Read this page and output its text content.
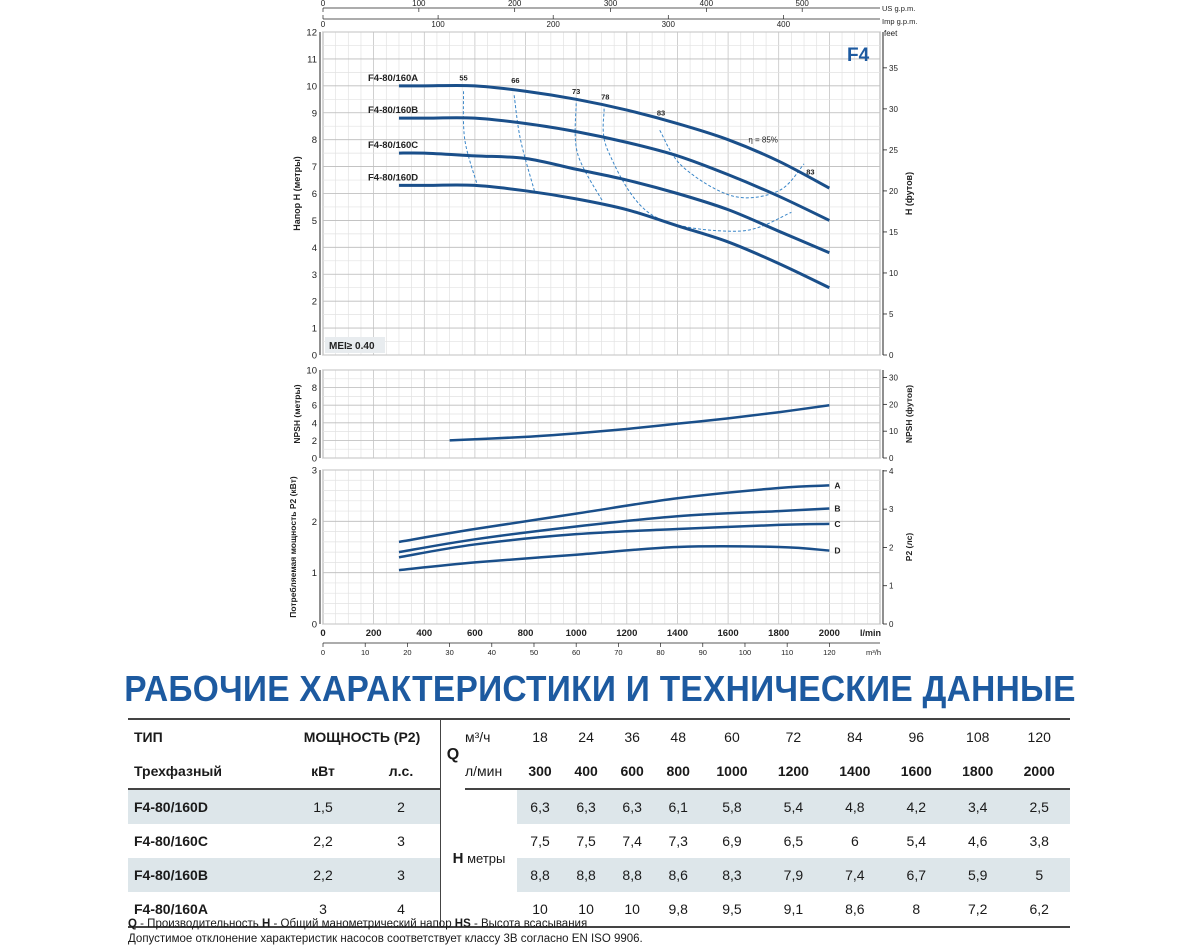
0
1
2
3
4
5
6
7
8
9
10
11
12
0
5
10
15
20
25
30
35
F4
MEI≥ 0.40
Напор H (метры)	H (футов)
feet
0	100	200	300	400	500
US g.p.m.
0	100	200	300	400	Imp g.p.m.
55	66
73
78
83
83
η = 85%
F4-80/160A
F4-80/160B
F4-80/160C
F4-80/160D
0
2
4
6
8
10
0
10
20
30
NPSH (метры)	NPSH (футов)
0
1
2
3
0
1
2
3
4
Потребляемая мощность P2 (кВт)	P2 (лс)
A
B
C
D
0	200	400	600	800	1000	1200	1400	1600	1800	2000 l/min
0	10	20	30	40	50	60	70	80	90	100	110	120	m³/h
РАБОЧИЕ ХАРАКТЕРИСТИКИ И ТЕХНИЧЕСКИЕ ДАННЫЕ
ТИП	МОЩНОСТЬ (P2)		Q	м³/ч	18	24	36	48	60	72	84	96	108	120
Трехфазный	кВт	л.с.		л/мин	300	400	600	800	1000	1200	1400	1600	1800	2000
F4-80/160D	1,5	2	H метры		6,3	6,3	6,3	6,1	5,8	5,4	4,8	4,2	3,4	2,5
F4-80/160C	2,2	3			7,5	7,5	7,4	7,3	6,9	6,5	6	5,4	4,6	3,8
F4-80/160B	2,2	3			8,8	8,8	8,8	8,6	8,3	7,9	7,4	6,7	5,9	5
F4-80/160A	3	4			10	10	10	9,8	9,5	9,1	8,6	8	7,2	6,2
Q - Производительность H - Общий манометрический напор HS - Высота всасывания
Допустимое отклонение характеристик насосов соответствует классу 3B согласно EN ISO 9906.
